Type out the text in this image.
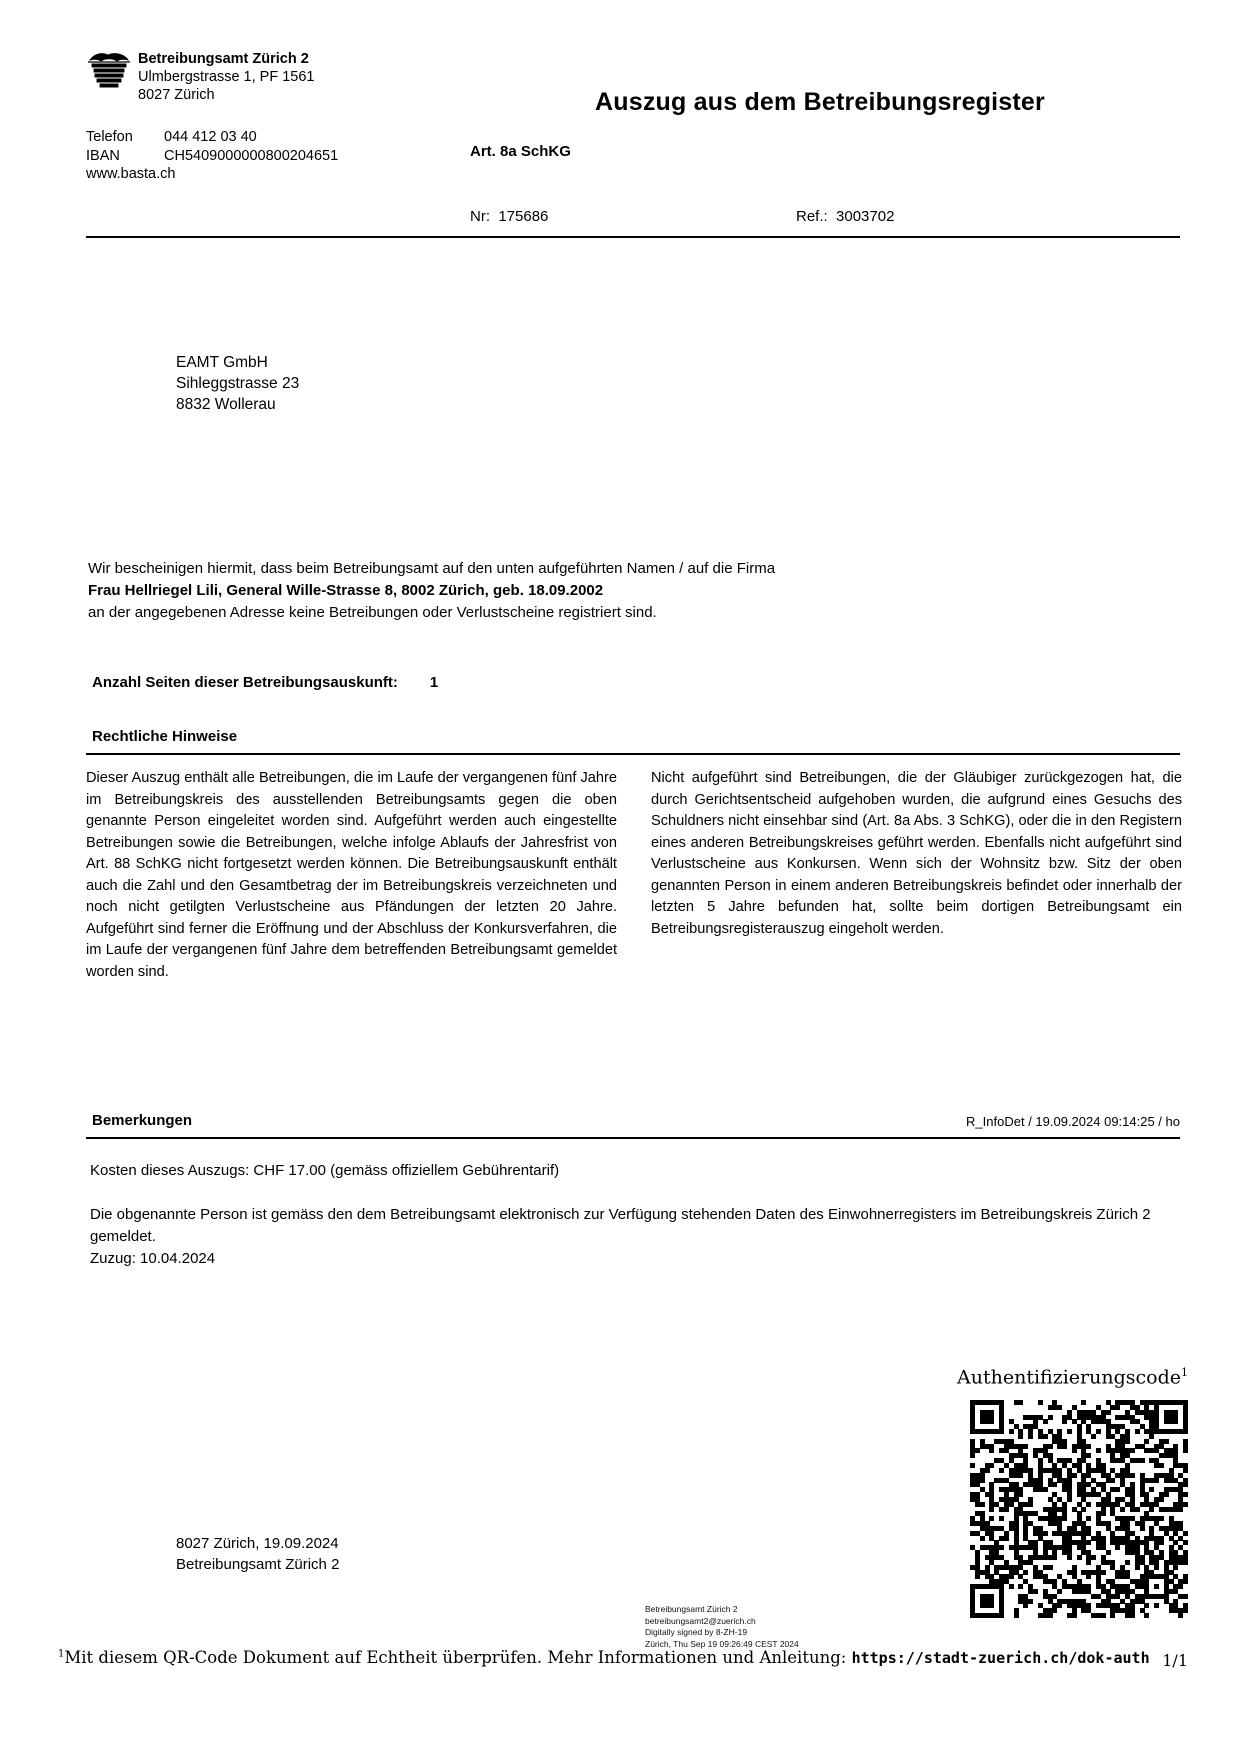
Betreibungsamt Zürich 2
Ulmbergstrasse 1, PF 1561
8027 Zürich
Telefon	044 412 03 40
IBAN	CH5409000000800204651
www.basta.ch
Auszug aus dem Betreibungsregister
Art. 8a SchKG
Nr: 175686	Ref.: 3003702
EAMT GmbH
Sihleggstrasse 23
8832 Wollerau
Wir bescheinigen hiermit, dass beim Betreibungsamt auf den unten aufgeführten Namen / auf die Firma
Frau Hellriegel Lili, General Wille-Strasse 8, 8002 Zürich, geb. 18.09.2002
an der angegebenen Adresse keine Betreibungen oder Verlustscheine registriert sind.
Anzahl Seiten dieser Betreibungsauskunft: 1
Rechtliche Hinweise
Dieser Auszug enthält alle Betreibungen, die im Laufe der vergangenen fünf Jahre im Betreibungskreis des ausstellenden Betreibungsamts gegen die oben genannte Person eingeleitet worden sind. Aufgeführt werden auch eingestellte Betreibungen sowie die Betreibungen, welche infolge Ablaufs der Jahresfrist von Art. 88 SchKG nicht fortgesetzt werden können. Die Betreibungsauskunft enthält auch die Zahl und den Gesamtbetrag der im Betreibungskreis verzeichneten und noch nicht getilgten Verlustscheine aus Pfändungen der letzten 20 Jahre. Aufgeführt sind ferner die Eröffnung und der Abschluss der Konkursverfahren, die im Laufe der vergangenen fünf Jahre dem betreffenden Betreibungsamt gemeldet worden sind.
Nicht aufgeführt sind Betreibungen, die der Gläubiger zurückgezogen hat, die durch Gerichtsentscheid aufgehoben wurden, die aufgrund eines Gesuchs des Schuldners nicht einsehbar sind (Art. 8a Abs. 3 SchKG), oder die in den Registern eines anderen Betreibungskreises geführt werden. Ebenfalls nicht aufgeführt sind Verlustscheine aus Konkursen. Wenn sich der Wohnsitz bzw. Sitz der oben genannten Person in einem anderen Betreibungskreis befindet oder innerhalb der letzten 5 Jahre befunden hat, sollte beim dortigen Betreibungsamt ein Betreibungsregisterauszug eingeholt werden.
Bemerkungen	R_InfoDet / 19.09.2024 09:14:25 / ho

Kosten dieses Auszugs: CHF 17.00 (gemäss offiziellem Gebührentarif)

Die obgenannte Person ist gemäss den dem Betreibungsamt elektronisch zur Verfügung stehenden Daten des Einwohnerregisters im Betreibungskreis Zürich 2 gemeldet.

Zuzug: 10.04.2024

Authentifizierungscode$^1$
8027 Zürich, 19.09.2024
Betreibungsamt Zürich 2
Betreibungsamt Zürich 2
betreibungsamt2@zuerich.ch
Digitally signed by 8-ZH-19
Zürich, Thu Sep 19 09:26:49 CEST 2024
$^1$Mit diesem QR-Code Dokument auf Echtheit überprüfen. Mehr Informationen und Anleitung: https://stadt-zuerich.ch/dok-auth 1/1
